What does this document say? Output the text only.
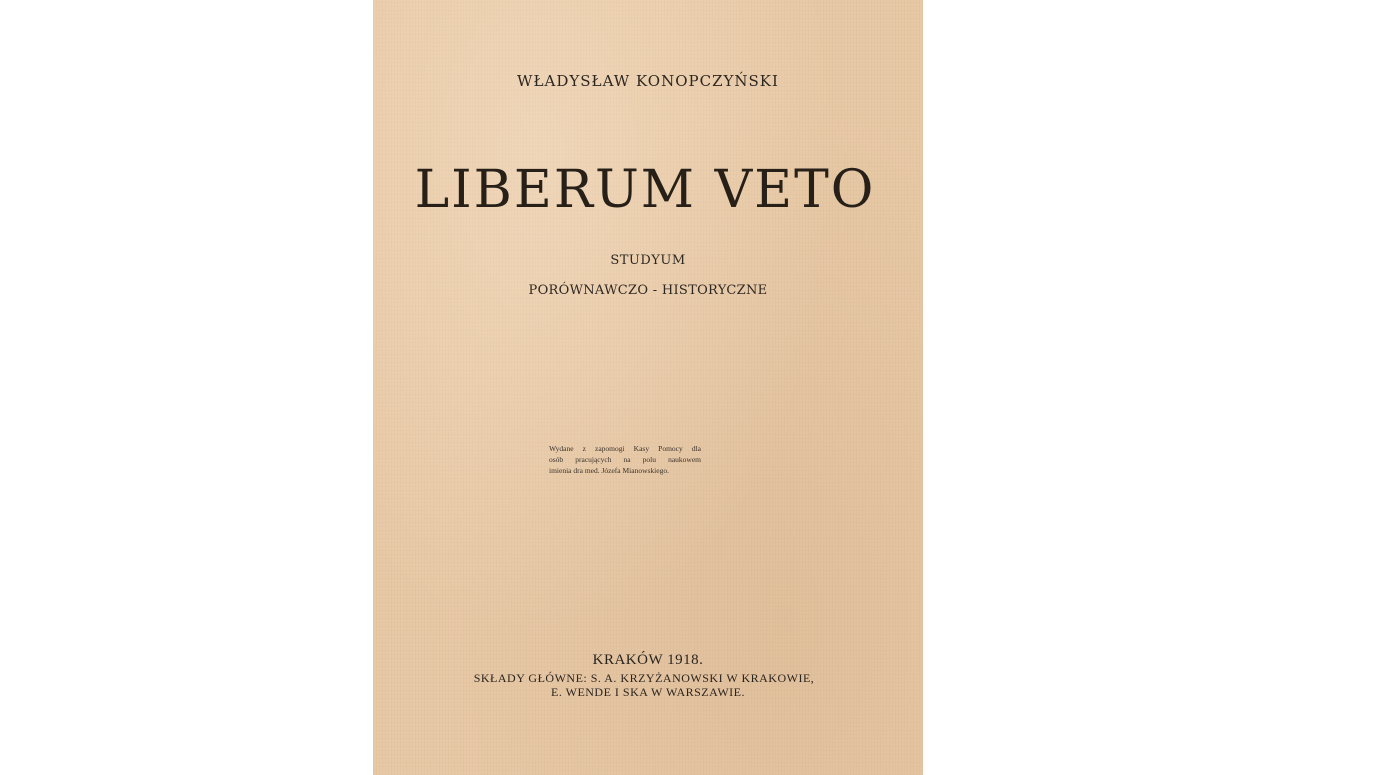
WŁADYSŁAW KONOPCZYŃSKI
LIBERUM VETO
STUDYUM
PORÓWNAWCZO - HISTORYCZNE
Wydane z zapomogi Kasy Pomocy dla
osób pracujących na polu naukowem
imienia dra med. Józefa Mianowskiego.
KRAKÓW 1918.
SKŁADY GŁÓWNE: S. A. KRZYŻANOWSKI W KRAKOWIE,
E. WENDE I SKA W WARSZAWIE.
